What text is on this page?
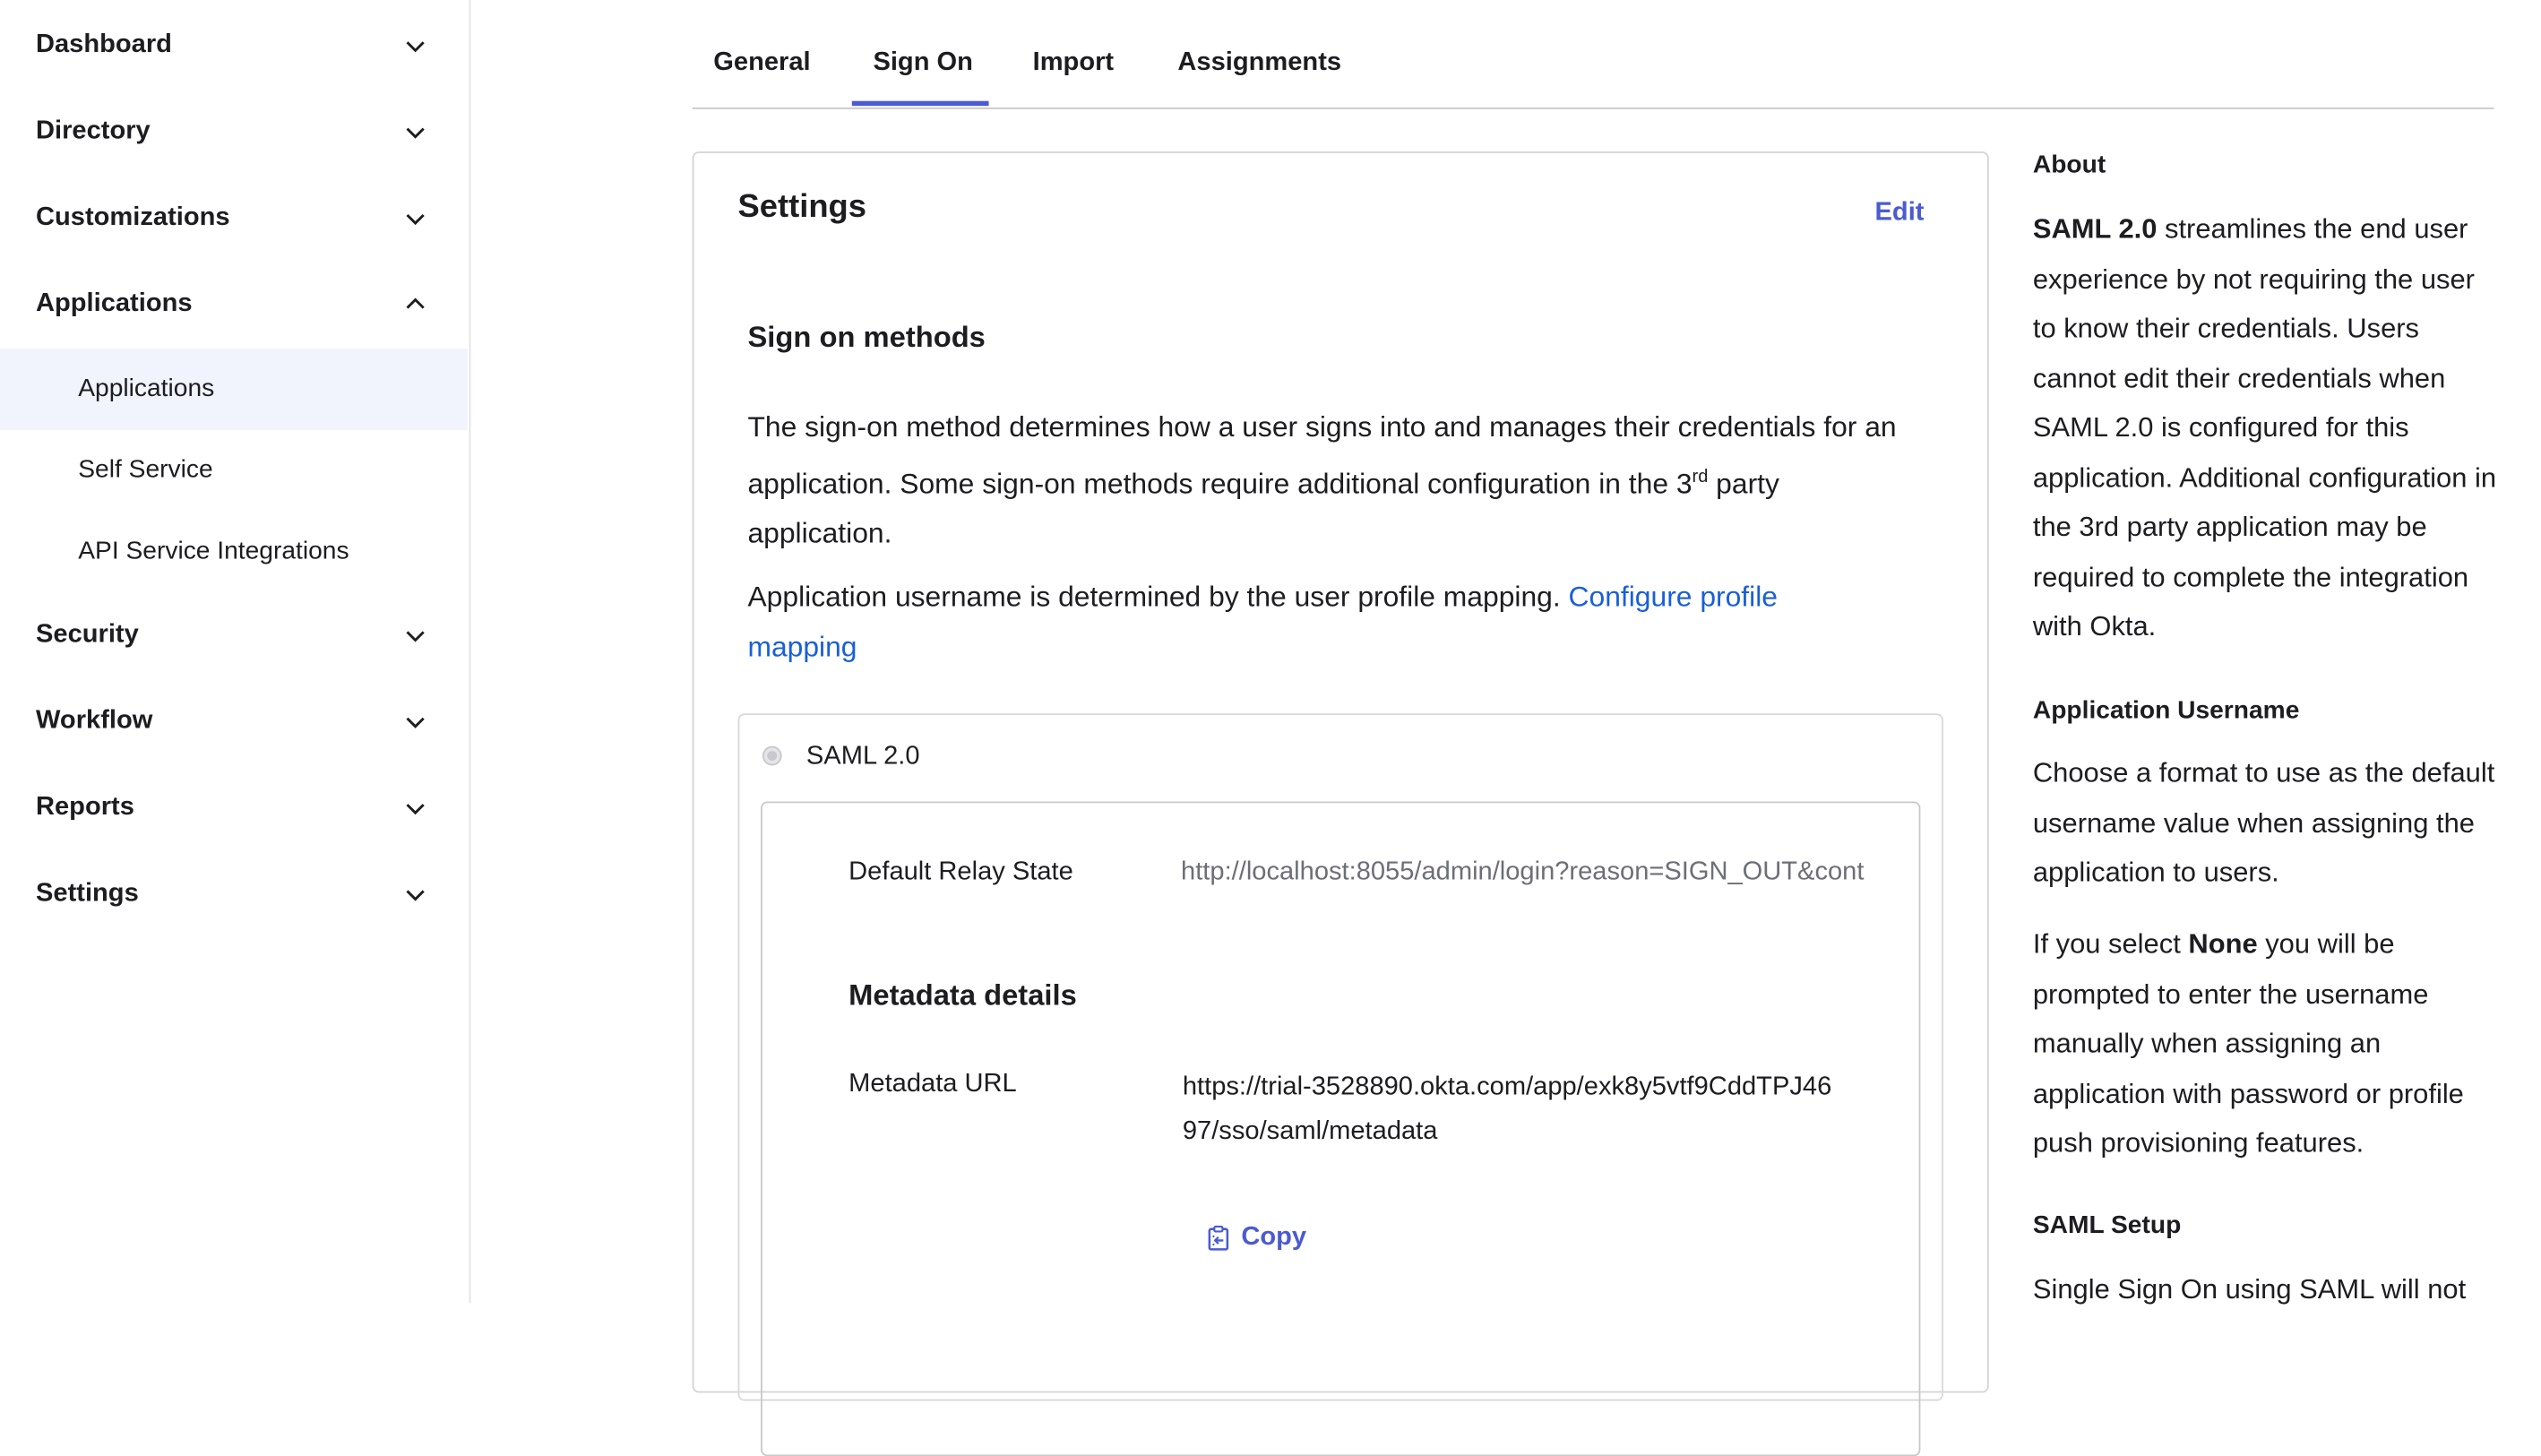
Dashboard
Directory
Customizations
Applications
Applications
Self Service
API Service Integrations
Security
Workflow
Reports
Settings
General	Sign On	Import	Assignments
Settings	Edit
Sign on methods
The sign-on method determines how a user signs into and manages their credentials for an application. Some sign-on methods require additional configuration in the 3rd party application.
Application username is determined by the user profile mapping. Configure profile mapping
SAML 2.0
Default Relay State	http://localhost:8055/admin/login?reason=SIGN_OUT&cont
Metadata details
Metadata URL	https://trial-3528890.okta.com/app/exk8y5vtf9CddTPJ4697/sso/saml/metadata
Copy
About
SAML 2.0 streamlines the end user experience by not requiring the user to know their credentials. Users cannot edit their credentials when SAML 2.0 is configured for this application. Additional configuration in the 3rd party application may be required to complete the integration with Okta.
Application Username
Choose a format to use as the default username value when assigning the application to users.
If you select None you will be prompted to enter the username manually when assigning an application with password or profile push provisioning features.
SAML Setup
Single Sign On using SAML will not
